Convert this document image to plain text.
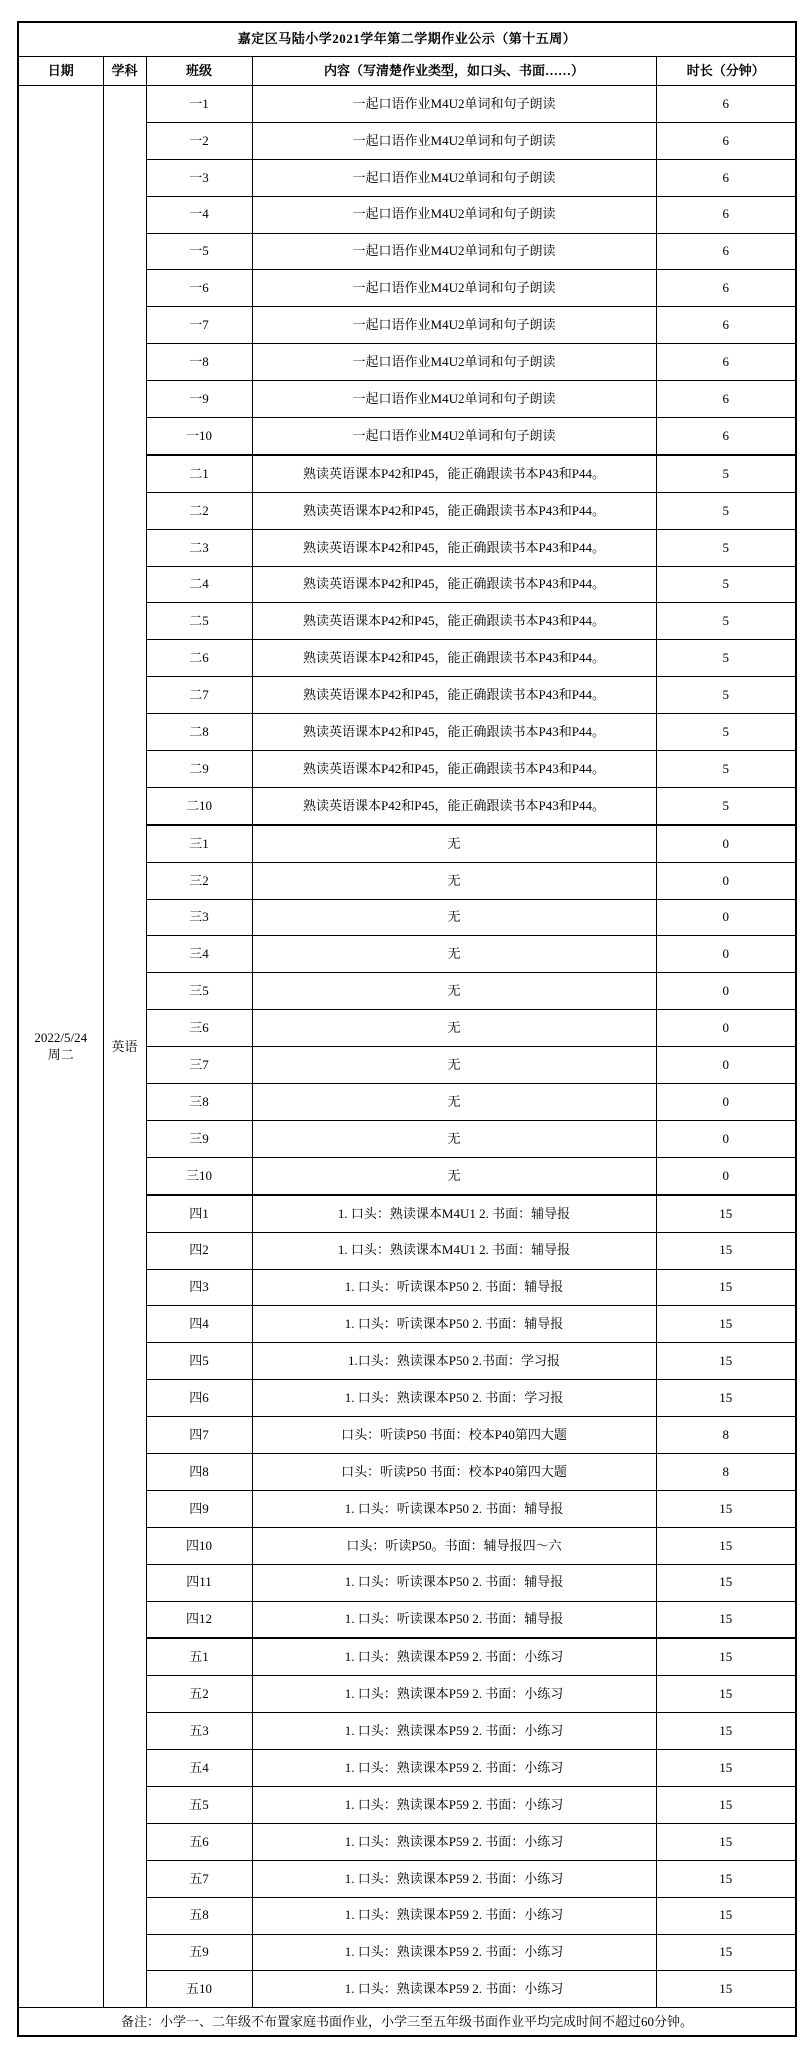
嘉定区马陆小学2021学年第二学期作业公示（第十五周）				
日期	学科	班级	内容（写清楚作业类型，如口头、书面……）	时长（分钟）

2022/5/24
周二	英语	一1	一起口语作业M4U2单词和句子朗读	6
		一2	一起口语作业M4U2单词和句子朗读	6
		一3	一起口语作业M4U2单词和句子朗读	6
		一4	一起口语作业M4U2单词和句子朗读	6
		一5	一起口语作业M4U2单词和句子朗读	6
		一6	一起口语作业M4U2单词和句子朗读	6
		一7	一起口语作业M4U2单词和句子朗读	6
		一8	一起口语作业M4U2单词和句子朗读	6
		一9	一起口语作业M4U2单词和句子朗读	6
		一10	一起口语作业M4U2单词和句子朗读	6
		二1	熟读英语课本P42和P45，能正确跟读书本P43和P44。	5
		二2	熟读英语课本P42和P45，能正确跟读书本P43和P44。	5
		二3	熟读英语课本P42和P45，能正确跟读书本P43和P44。	5
		二4	熟读英语课本P42和P45，能正确跟读书本P43和P44。	5
		二5	熟读英语课本P42和P45，能正确跟读书本P43和P44。	5
		二6	熟读英语课本P42和P45，能正确跟读书本P43和P44。	5
		二7	熟读英语课本P42和P45，能正确跟读书本P43和P44。	5
		二8	熟读英语课本P42和P45，能正确跟读书本P43和P44。	5
		二9	熟读英语课本P42和P45，能正确跟读书本P43和P44。	5
		二10	熟读英语课本P42和P45，能正确跟读书本P43和P44。	5
		三1	无	0
		三2	无	0
		三3	无	0
		三4	无	0
		三5	无	0
		三6	无	0
		三7	无	0
		三8	无	0
		三9	无	0
		三10	无	0
		四1	1. 口头：熟读课本M4U1 2. 书面：辅导报	15
		四2	1. 口头：熟读课本M4U1 2. 书面：辅导报	15
		四3	1. 口头：听读课本P50 2. 书面：辅导报	15
		四4	1. 口头：听读课本P50 2. 书面：辅导报	15
		四5	1.口头：熟读课本P50 2.书面：学习报	15
		四6	1. 口头：熟读课本P50 2. 书面：学习报	15
		四7	口头：听读P50 书面：校本P40第四大题	8
		四8	口头：听读P50 书面：校本P40第四大题	8
		四9	1. 口头：听读课本P50 2. 书面：辅导报	15
		四10	口头：听读P50。书面：辅导报四～六	15
		四11	1. 口头：听读课本P50 2. 书面：辅导报	15
		四12	1. 口头：听读课本P50 2. 书面：辅导报	15
		五1	1. 口头：熟读课本P59 2. 书面：小练习	15
		五2	1. 口头：熟读课本P59 2. 书面：小练习	15
		五3	1. 口头：熟读课本P59 2. 书面：小练习	15
		五4	1. 口头：熟读课本P59 2. 书面：小练习	15
		五5	1. 口头：熟读课本P59 2. 书面：小练习	15
		五6	1. 口头：熟读课本P59 2. 书面：小练习	15
		五7	1. 口头：熟读课本P59 2. 书面：小练习	15
		五8	1. 口头：熟读课本P59 2. 书面：小练习	15
		五9	1. 口头：熟读课本P59 2. 书面：小练习	15
		五10	1. 口头：熟读课本P59 2. 书面：小练习	15
备注：小学一、二年级不布置家庭书面作业，小学三至五年级书面作业平均完成时间不超过60分钟。				
